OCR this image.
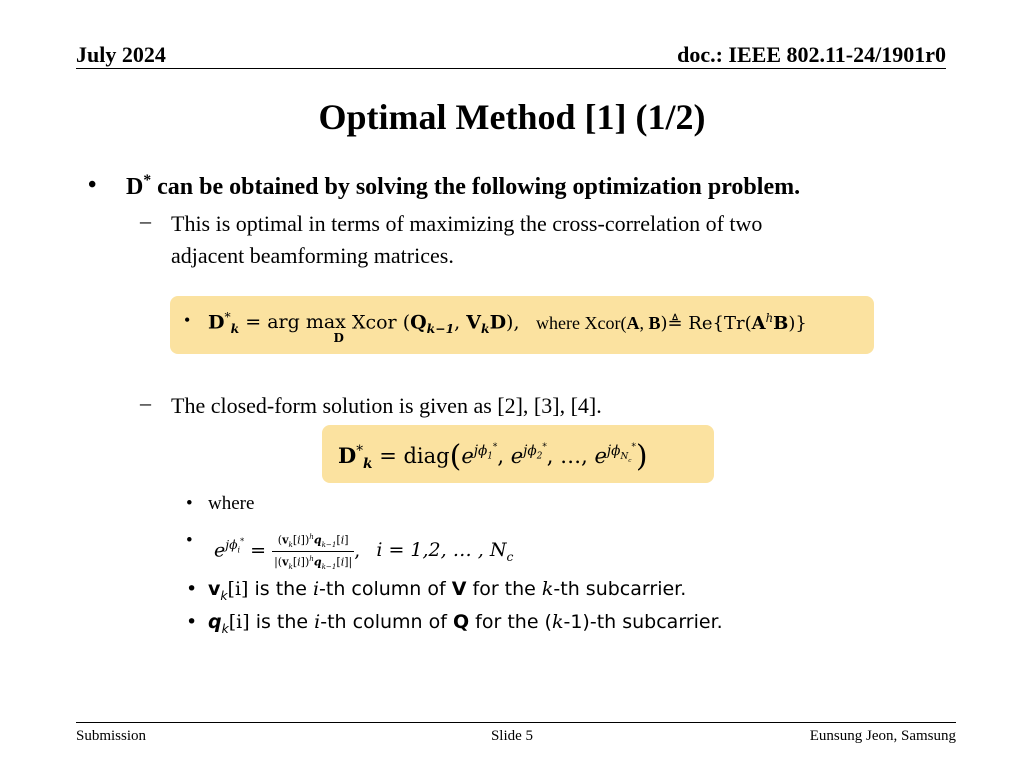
July 2024	doc.: IEEE 802.11-24/1901r0
Optimal Method [1] (1/2)
• D* can be obtained by solving the following optimization problem.
– This is optimal in terms of maximizing the cross-correlation of two
adjacent beamforming matrices.
• $D^*_k$ = arg max
D
Xcor ($Q_{k-1}$, $V_kD$), where Xcor(A, B)≜ $Re\{Tr(A^hB)\}$
– The closed-form solution is given as [2], [3], [4].
$D^*_k$ = $diag(e^{j\phi_1^*}$, $e^{j\phi_2^*}$, …, $e^{j\phi_{N_c}^*}$)
• where
• $e^{j\phi_i^*} = \frac{(v_k[i])^hq_{k-1}[i]}{|(v_k[i])^hq_{k-1}[i]|}$ , i = 1,2, … , $N_c$
• $v_k[i]$ is the i-th column of V for the k-th subcarrier.
• $q_k[i]$ is the i-th column of Q for the (k-1)-th subcarrier.
Submission	Slide 5	Eunsung Jeon, Samsung
